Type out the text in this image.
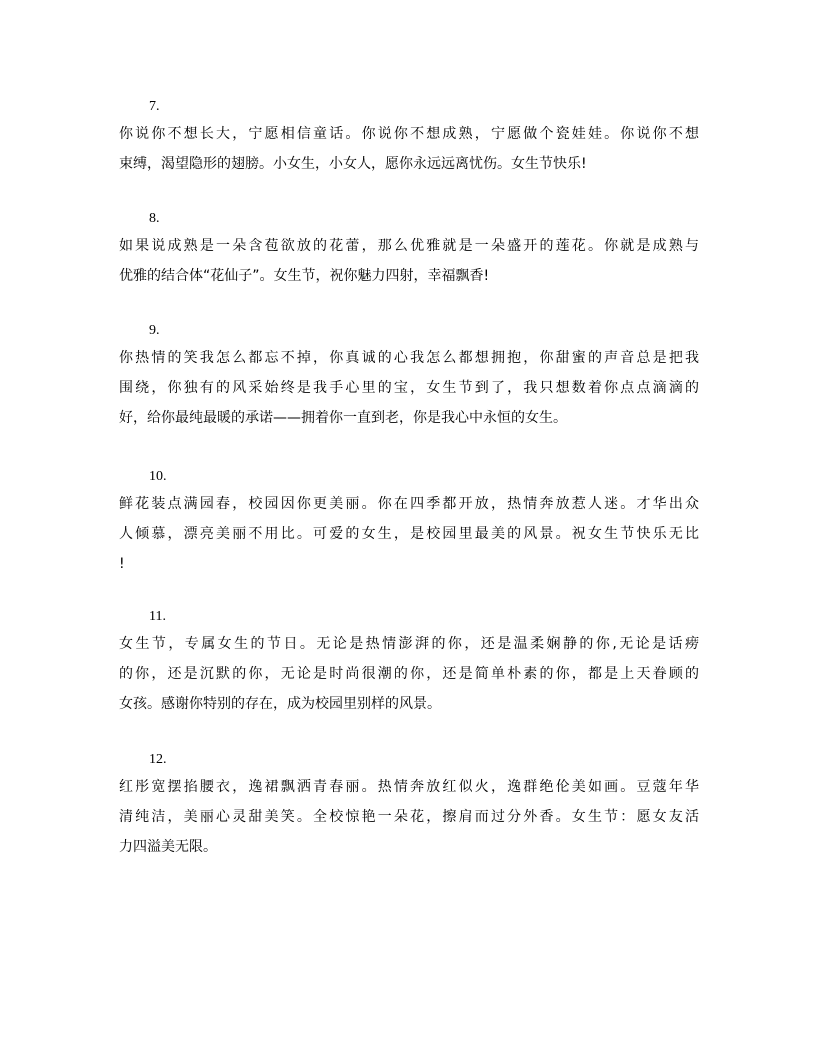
7.
你说你不想长大，宁愿相信童话。你说你不想成熟，宁愿做个瓷娃娃。你说你不想
束缚，渴望隐形的翅膀。小女生，小女人，愿你永远远离忧伤。女生节快乐!
8.
如果说成熟是一朵含苞欲放的花蕾，那么优雅就是一朵盛开的莲花。你就是成熟与
优雅的结合体“花仙子”。女生节，祝你魅力四射，幸福飘香!
9.
你热情的笑我怎么都忘不掉，你真诚的心我怎么都想拥抱，你甜蜜的声音总是把我
围绕，你独有的风采始终是我手心里的宝，女生节到了，我只想数着你点点滴滴的
好，给你最纯最暖的承诺——拥着你一直到老，你是我心中永恒的女生。
10.
鲜花装点满园春，校园因你更美丽。你在四季都开放，热情奔放惹人迷。才华出众
人倾慕，漂亮美丽不用比。可爱的女生，是校园里最美的风景。祝女生节快乐无比
!
11.
女生节，专属女生的节日。无论是热情澎湃的你，还是温柔娴静的你,无论是话痨
的你，还是沉默的你，无论是时尚很潮的你，还是简单朴素的你，都是上天眷顾的
女孩。感谢你特别的存在，成为校园里别样的风景。
12.
红彤宽摆掐腰衣，逸裙飘洒青春丽。热情奔放红似火，逸群绝伦美如画。豆蔻年华
清纯洁，美丽心灵甜美笑。全校惊艳一朵花，擦肩而过分外香。女生节：愿女友活
力四溢美无限。
